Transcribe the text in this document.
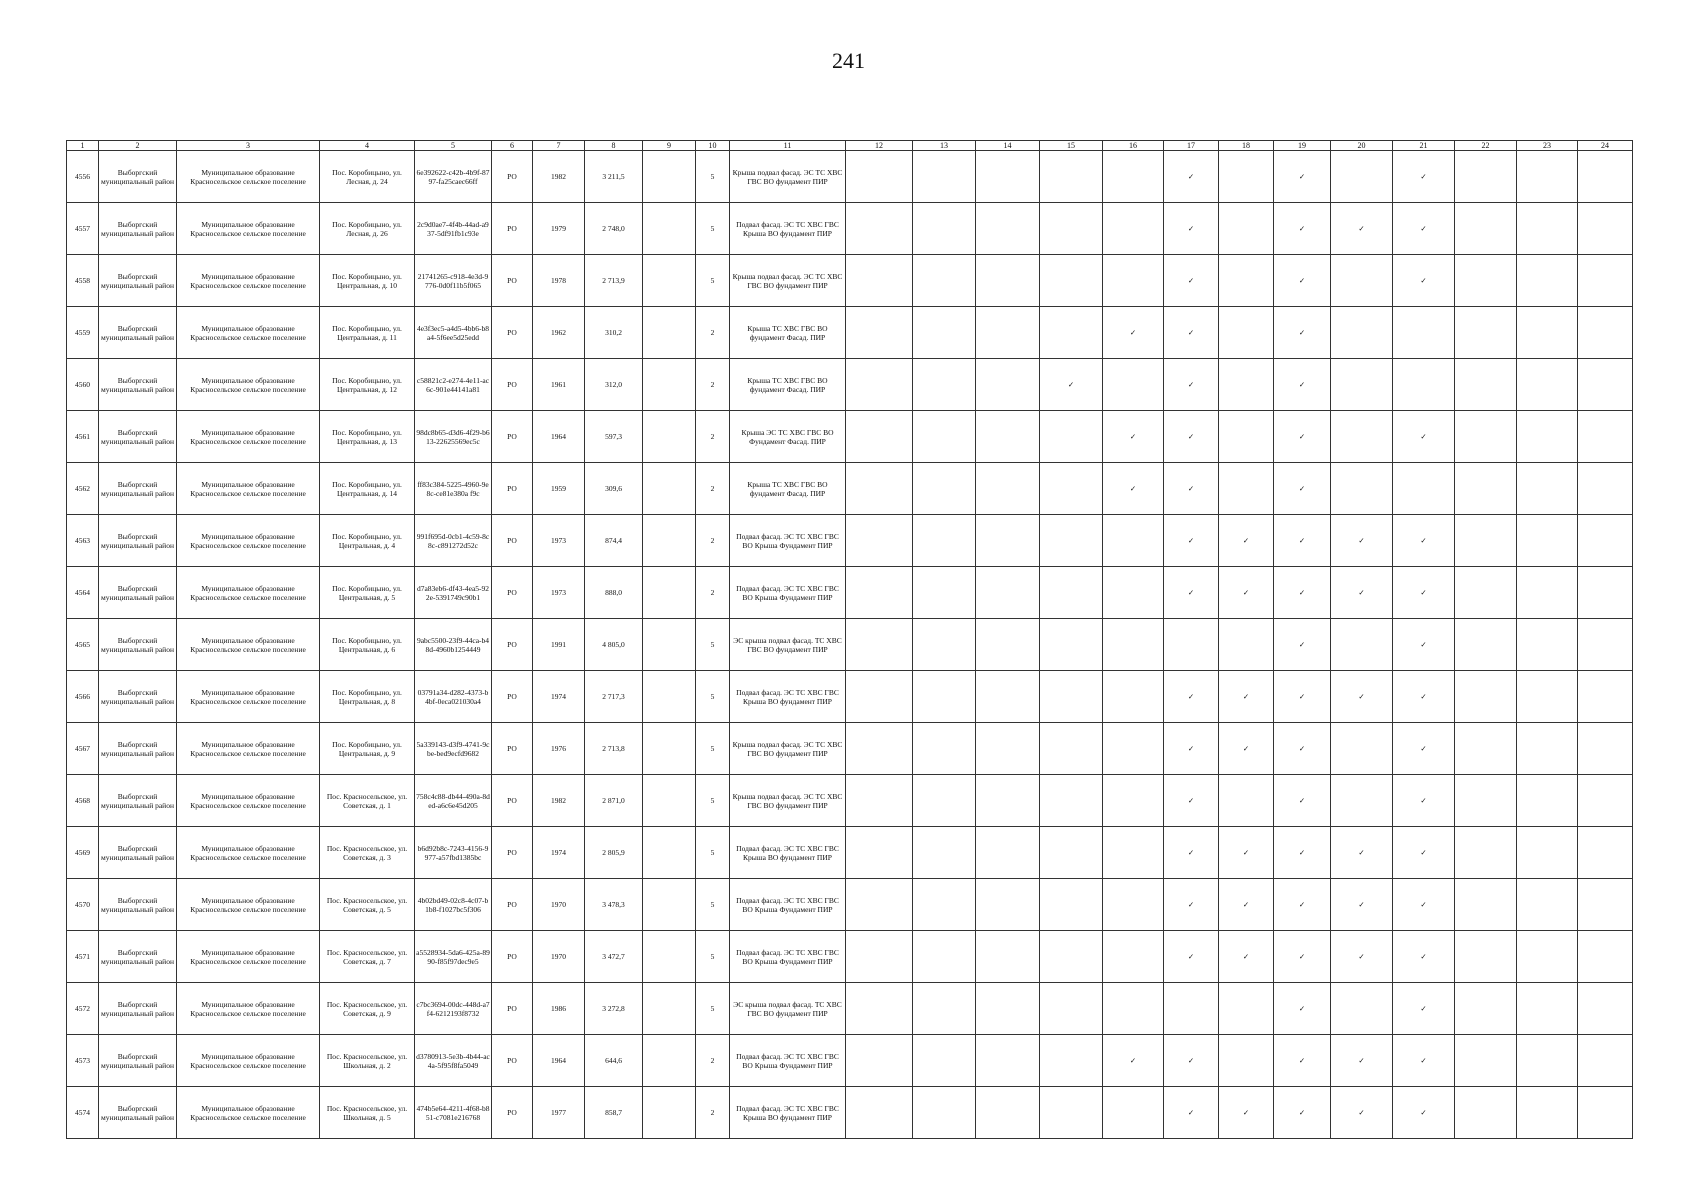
241
1	2	3	4	5	6	7	8	9	10	11	12	13	14	15	16	17	18	19	20	21	22	23	24
4556	Выборгский муниципальный район	Муниципальное образование Красносельское сельское поселение	Пос. Коробицыно, ул. Лесная, д. 24	6e392622-c42b-4b9f-8797-fa25caec66ff	РО	1982	3 211,5		5	Крыша подвал фасад. ЭС ТС ХВС ГВС ВО фундамент ПИР						✓		✓		✓			
4557	Выборгский муниципальный район	Муниципальное образование Красносельское сельское поселение	Пос. Коробицыно, ул. Лесная, д. 26	2c9d0ae7-4f4b-44ad-a937-5df91fb1c93e	РО	1979	2 748,0		5	Подвал фасад. ЭС ТС ХВС ГВС Крыша ВО фундамент ПИР						✓		✓	✓	✓			
4558	Выборгский муниципальный район	Муниципальное образование Красносельское сельское поселение	Пос. Коробицыно, ул. Центральная, д. 10	21741265-c918-4e3d-9776-0d0f11b5f065	РО	1978	2 713,9		5	Крыша подвал фасад. ЭС ТС ХВС ГВС ВО фундамент ПИР						✓		✓		✓			
4559	Выборгский муниципальный район	Муниципальное образование Красносельское сельское поселение	Пос. Коробицыно, ул. Центральная, д. 11	4e3f3ec5-a4d5-4bb6-b8a4-5f6ee5d25edd	РО	1962	310,2		2	Крыша ТС ХВС ГВС ВО фундамент Фасад. ПИР					✓	✓		✓					
4560	Выборгский муниципальный район	Муниципальное образование Красносельское сельское поселение	Пос. Коробицыно, ул. Центральная, д. 12	c58821c2-e274-4e11-ac6c-901e44141a81	РО	1961	312,0		2	Крыша ТС ХВС ГВС ВО фундамент Фасад. ПИР				✓		✓		✓					
4561	Выборгский муниципальный район	Муниципальное образование Красносельское сельское поселение	Пос. Коробицыно, ул. Центральная, д. 13	98dc8b65-d3d6-4f29-b613-22625569ec5c	РО	1964	597,3		2	Крыша ЭС ТС ХВС ГВС ВО Фундамент Фасад. ПИР					✓	✓		✓		✓			
4562	Выборгский муниципальный район	Муниципальное образование Красносельское сельское поселение	Пос. Коробицыно, ул. Центральная, д. 14	ff83c384-5225-4960-9e8c-ce81e380a f9c	РО	1959	309,6		2	Крыша ТС ХВС ГВС ВО фундамент Фасад. ПИР					✓	✓		✓					
4563	Выборгский муниципальный район	Муниципальное образование Красносельское сельское поселение	Пос. Коробицыно, ул. Центральная, д. 4	991f695d-0cb1-4c59-8c8c-c891272d52c	РО	1973	874,4		2	Подвал фасад. ЭС ТС ХВС ГВС ВО Крыша Фундамент ПИР						✓	✓	✓	✓	✓			
4564	Выборгский муниципальный район	Муниципальное образование Красносельское сельское поселение	Пос. Коробицыно, ул. Центральная, д. 5	d7a83eb6-df43-4ea5-922e-5391749c90b1	РО	1973	888,0		2	Подвал фасад. ЭС ТС ХВС ГВС ВО Крыша Фундамент ПИР						✓	✓	✓	✓	✓			
4565	Выборгский муниципальный район	Муниципальное образование Красносельское сельское поселение	Пос. Коробицыно, ул. Центральная, д. 6	9abc5500-23f9-44ca-b48d-4960b1254449	РО	1991	4 805,0		5	ЭС крыша подвал фасад. ТС ХВС ГВС ВО фундамент ПИР								✓		✓			
4566	Выборгский муниципальный район	Муниципальное образование Красносельское сельское поселение	Пос. Коробицыно, ул. Центральная, д. 8	03791a34-d282-4373-b4bf-0eca021030a4	РО	1974	2 717,3		5	Подвал фасад. ЭС ТС ХВС ГВС Крыша ВО фундамент ПИР						✓	✓	✓	✓	✓			
4567	Выборгский муниципальный район	Муниципальное образование Красносельское сельское поселение	Пос. Коробицыно, ул. Центральная, д. 9	5a339143-d3f9-4741-9cbe-bed9ecfd9682	РО	1976	2 713,8		5	Крыша подвал фасад. ЭС ТС ХВС ГВС ВО фундамент ПИР						✓	✓	✓		✓			
4568	Выборгский муниципальный район	Муниципальное образование Красносельское сельское поселение	Пос. Красносельское, ул. Советская, д. 1	758c4c88-db44-490a-8ded-a6c6e45d205	РО	1982	2 871,0		5	Крыша подвал фасад. ЭС ТС ХВС ГВС ВО фундамент ПИР						✓		✓		✓			
4569	Выборгский муниципальный район	Муниципальное образование Красносельское сельское поселение	Пос. Красносельское, ул. Советская, д. 3	b6d92b8c-7243-4156-9977-a57fbd1385bc	РО	1974	2 805,9		5	Подвал фасад. ЭС ТС ХВС ГВС Крыша ВО фундамент ПИР						✓	✓	✓	✓	✓			
4570	Выборгский муниципальный район	Муниципальное образование Красносельское сельское поселение	Пос. Красносельское, ул. Советская, д. 5	4b02bd49-02c8-4c07-b1b8-f1027bc5f306	РО	1970	3 478,3		5	Подвал фасад. ЭС ТС ХВС ГВС ВО Крыша Фундамент ПИР						✓	✓	✓	✓	✓			
4571	Выборгский муниципальный район	Муниципальное образование Красносельское сельское поселение	Пос. Красносельское, ул. Советская, д. 7	a5528934-5da6-425a-8990-f85f97dec9e5	РО	1970	3 472,7		5	Подвал фасад. ЭС ТС ХВС ГВС ВО Крыша Фундамент ПИР						✓	✓	✓	✓	✓			
4572	Выборгский муниципальный район	Муниципальное образование Красносельское сельское поселение	Пос. Красносельское, ул. Советская, д. 9	c7bc3694-00dc-448d-a7f4-6212193f8732	РО	1986	3 272,8		5	ЭС крыша подвал фасад. ТС ХВС ГВС ВО фундамент ПИР								✓		✓			
4573	Выборгский муниципальный район	Муниципальное образование Красносельское сельское поселение	Пос. Красносельское, ул. Школьная, д. 2	d3780913-5e3b-4b44-ac4a-5f95f8fa5049	РО	1964	644,6		2	Подвал фасад. ЭС ТС ХВС ГВС ВО Крыша Фундамент ПИР					✓	✓		✓	✓	✓			
4574	Выборгский муниципальный район	Муниципальное образование Красносельское сельское поселение	Пос. Красносельское, ул. Школьная, д. 5	474b5e64-4211-4f68-b851-c7081e216768	РО	1977	858,7		2	Подвал фасад. ЭС ТС ХВС ГВС Крыша ВО фундамент ПИР						✓	✓	✓	✓	✓			
